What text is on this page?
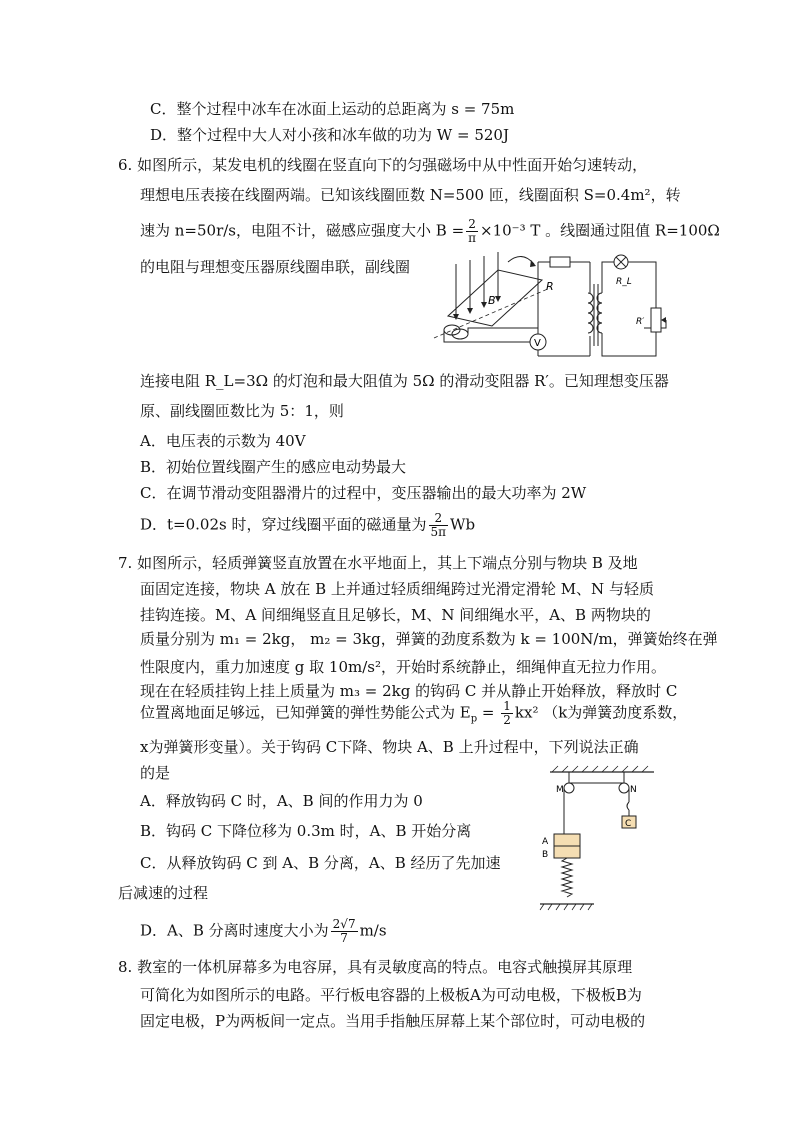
C．整个过程中冰车在冰面上运动的总距离为 s = 75m
D．整个过程中大人对小孩和冰车做的功为 W = 520J
6. 如图所示，某发电机的线圈在竖直向下的匀强磁场中从中性面开始匀速转动，
理想电压表接在线圈两端。已知该线圈匝数 N=500 匝，线圈面积 S=0.4m²，转
速为 n=50r/s，电阻不计，磁感应强度大小 $B = \frac{2}{\pi} \times 10^{-3}$ T 。线圈通过阻值 R=100Ω
的电阻与理想变压器原线圈串联，副线圈
B
R
V
R_L
R′
连接电阻 R_L=3Ω 的灯泡和最大阻值为 5Ω 的滑动变阻器 R′。已知理想变压器
原、副线圈匝数比为 5：1，则
A．电压表的示数为 40V
B．初始位置线圈产生的感应电动势最大
C．在调节滑动变阻器滑片的过程中，变压器输出的最大功率为 2W
D．t=0.02s 时，穿过线圈平面的磁通量为 $\frac{2}{5\pi}$ Wb
7. 如图所示，轻质弹簧竖直放置在水平地面上，其上下端点分别与物块 B 及地
面固定连接，物块 A 放在 B 上并通过轻质细绳跨过光滑定滑轮 M、N 与轻质
挂钩连接。M、A 间细绳竖直且足够长，M、N 间细绳水平，A、B 两物块的
质量分别为 m₁ = 2kg， m₂ = 3kg，弹簧的劲度系数为 k = 100N/m，弹簧始终在弹
性限度内，重力加速度 g 取 10m/s²，开始时系统静止，细绳伸直无拉力作用。
现在在轻质挂钩上挂上质量为 m₃ = 2kg 的钩码 C 并从静止开始释放，释放时 C
位置离地面足够远，已知弹簧的弹性势能公式为 $E_p = \frac{1}{2} kx^2$ （k为弹簧劲度系数，
x为弹簧形变量）。关于钩码 C下降、物块 A、B 上升过程中，下列说法正确
的是
A．释放钩码 C 时，A、B 间的作用力为 0
B．钩码 C 下降位移为 0.3m 时，A、B 开始分离
C．从释放钩码 C 到 A、B 分离，A、B 经历了先加速
后减速的过程
M	N
C
A
B
D．A、B 分离时速度大小为 $\frac{2√7}{7} m/s$
8. 教室的一体机屏幕多为电容屏，具有灵敏度高的特点。电容式触摸屏其原理
可简化为如图所示的电路。平行板电容器的上极板A为可动电极，下极板B为
固定电极，P为两板间一定点。当用手指触压屏幕上某个部位时，可动电极的
